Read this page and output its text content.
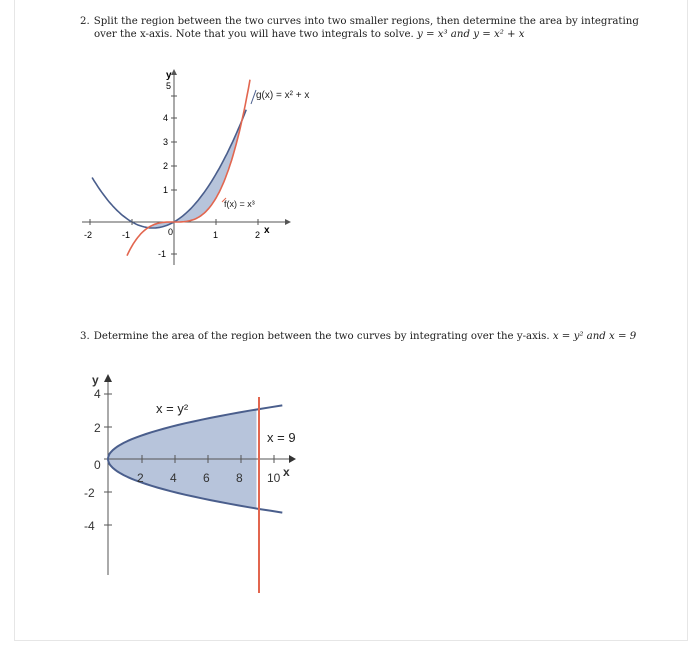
2. Split the region between the two curves into two smaller regions, then determine the area by integrating
over the x-axis. Note that you will have two integrals to solve. y = x³ and y = x² + x
-2	-1	0	1	2 x
y
5
4
3
2
1
-1
g(x) = x² + x
f(x) = x³
3. Determine the area of the region between the two curves by integrating over the y-axis. x = y² and x = 9
2 4 6 8 10 x
y
4
2
0
-2
-4
x = y²
x = 9
